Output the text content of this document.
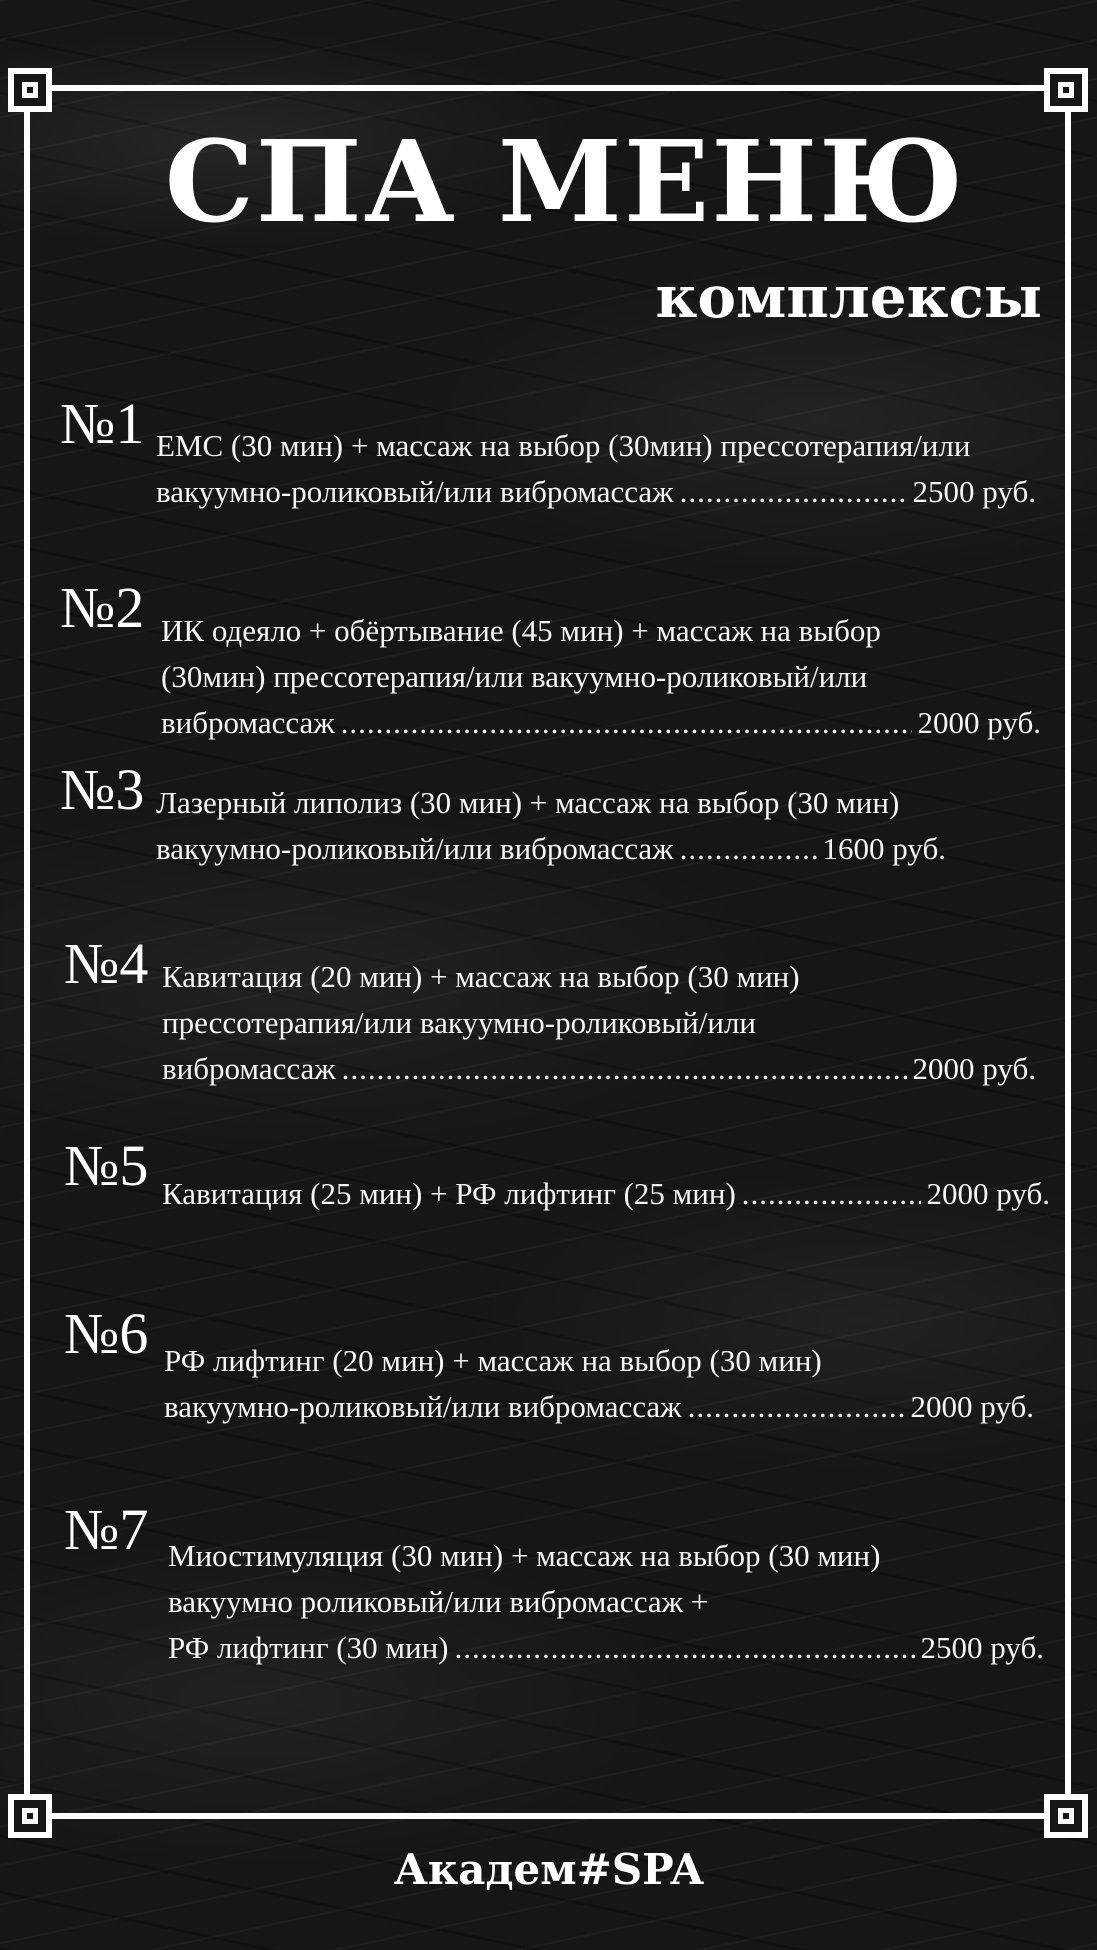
СПА МЕНЮ
комплексы
№1 EMC (30 мин) + массаж на выбор (30мин) прессотерапия/или
вакуумно-роликовый/или вибромассаж .....	2500 руб.
№2 ИК одеяло + обёртывание (45 мин) + массаж на выбор
(30мин) прессотерапия/или вакуумно-роликовый/или
вибромассаж .....	2000 руб.
№3 Лазерный липолиз (30 мин) + массаж на выбор (30 мин)
вакуумно-роликовый/или вибромассаж .....	1600 руб.
№4 Кавитация (20 мин) + массаж на выбор (30 мин)
прессотерапия/или вакуумно-роликовый/или
вибромассаж .....	2000 руб.
№5 Кавитация (25 мин) + РФ лифтинг (25 мин) .....	2000 руб.
№6 РФ лифтинг (20 мин) + массаж на выбор (30 мин)
вакуумно-роликовый/или вибромассаж .....	2000 руб.
№7 Миостимуляция (30 мин) + массаж на выбор (30 мин)
вакуумно роликовый/или вибромассаж +
РФ лифтинг (30 мин) .....	2500 руб.
Академ#SPA
